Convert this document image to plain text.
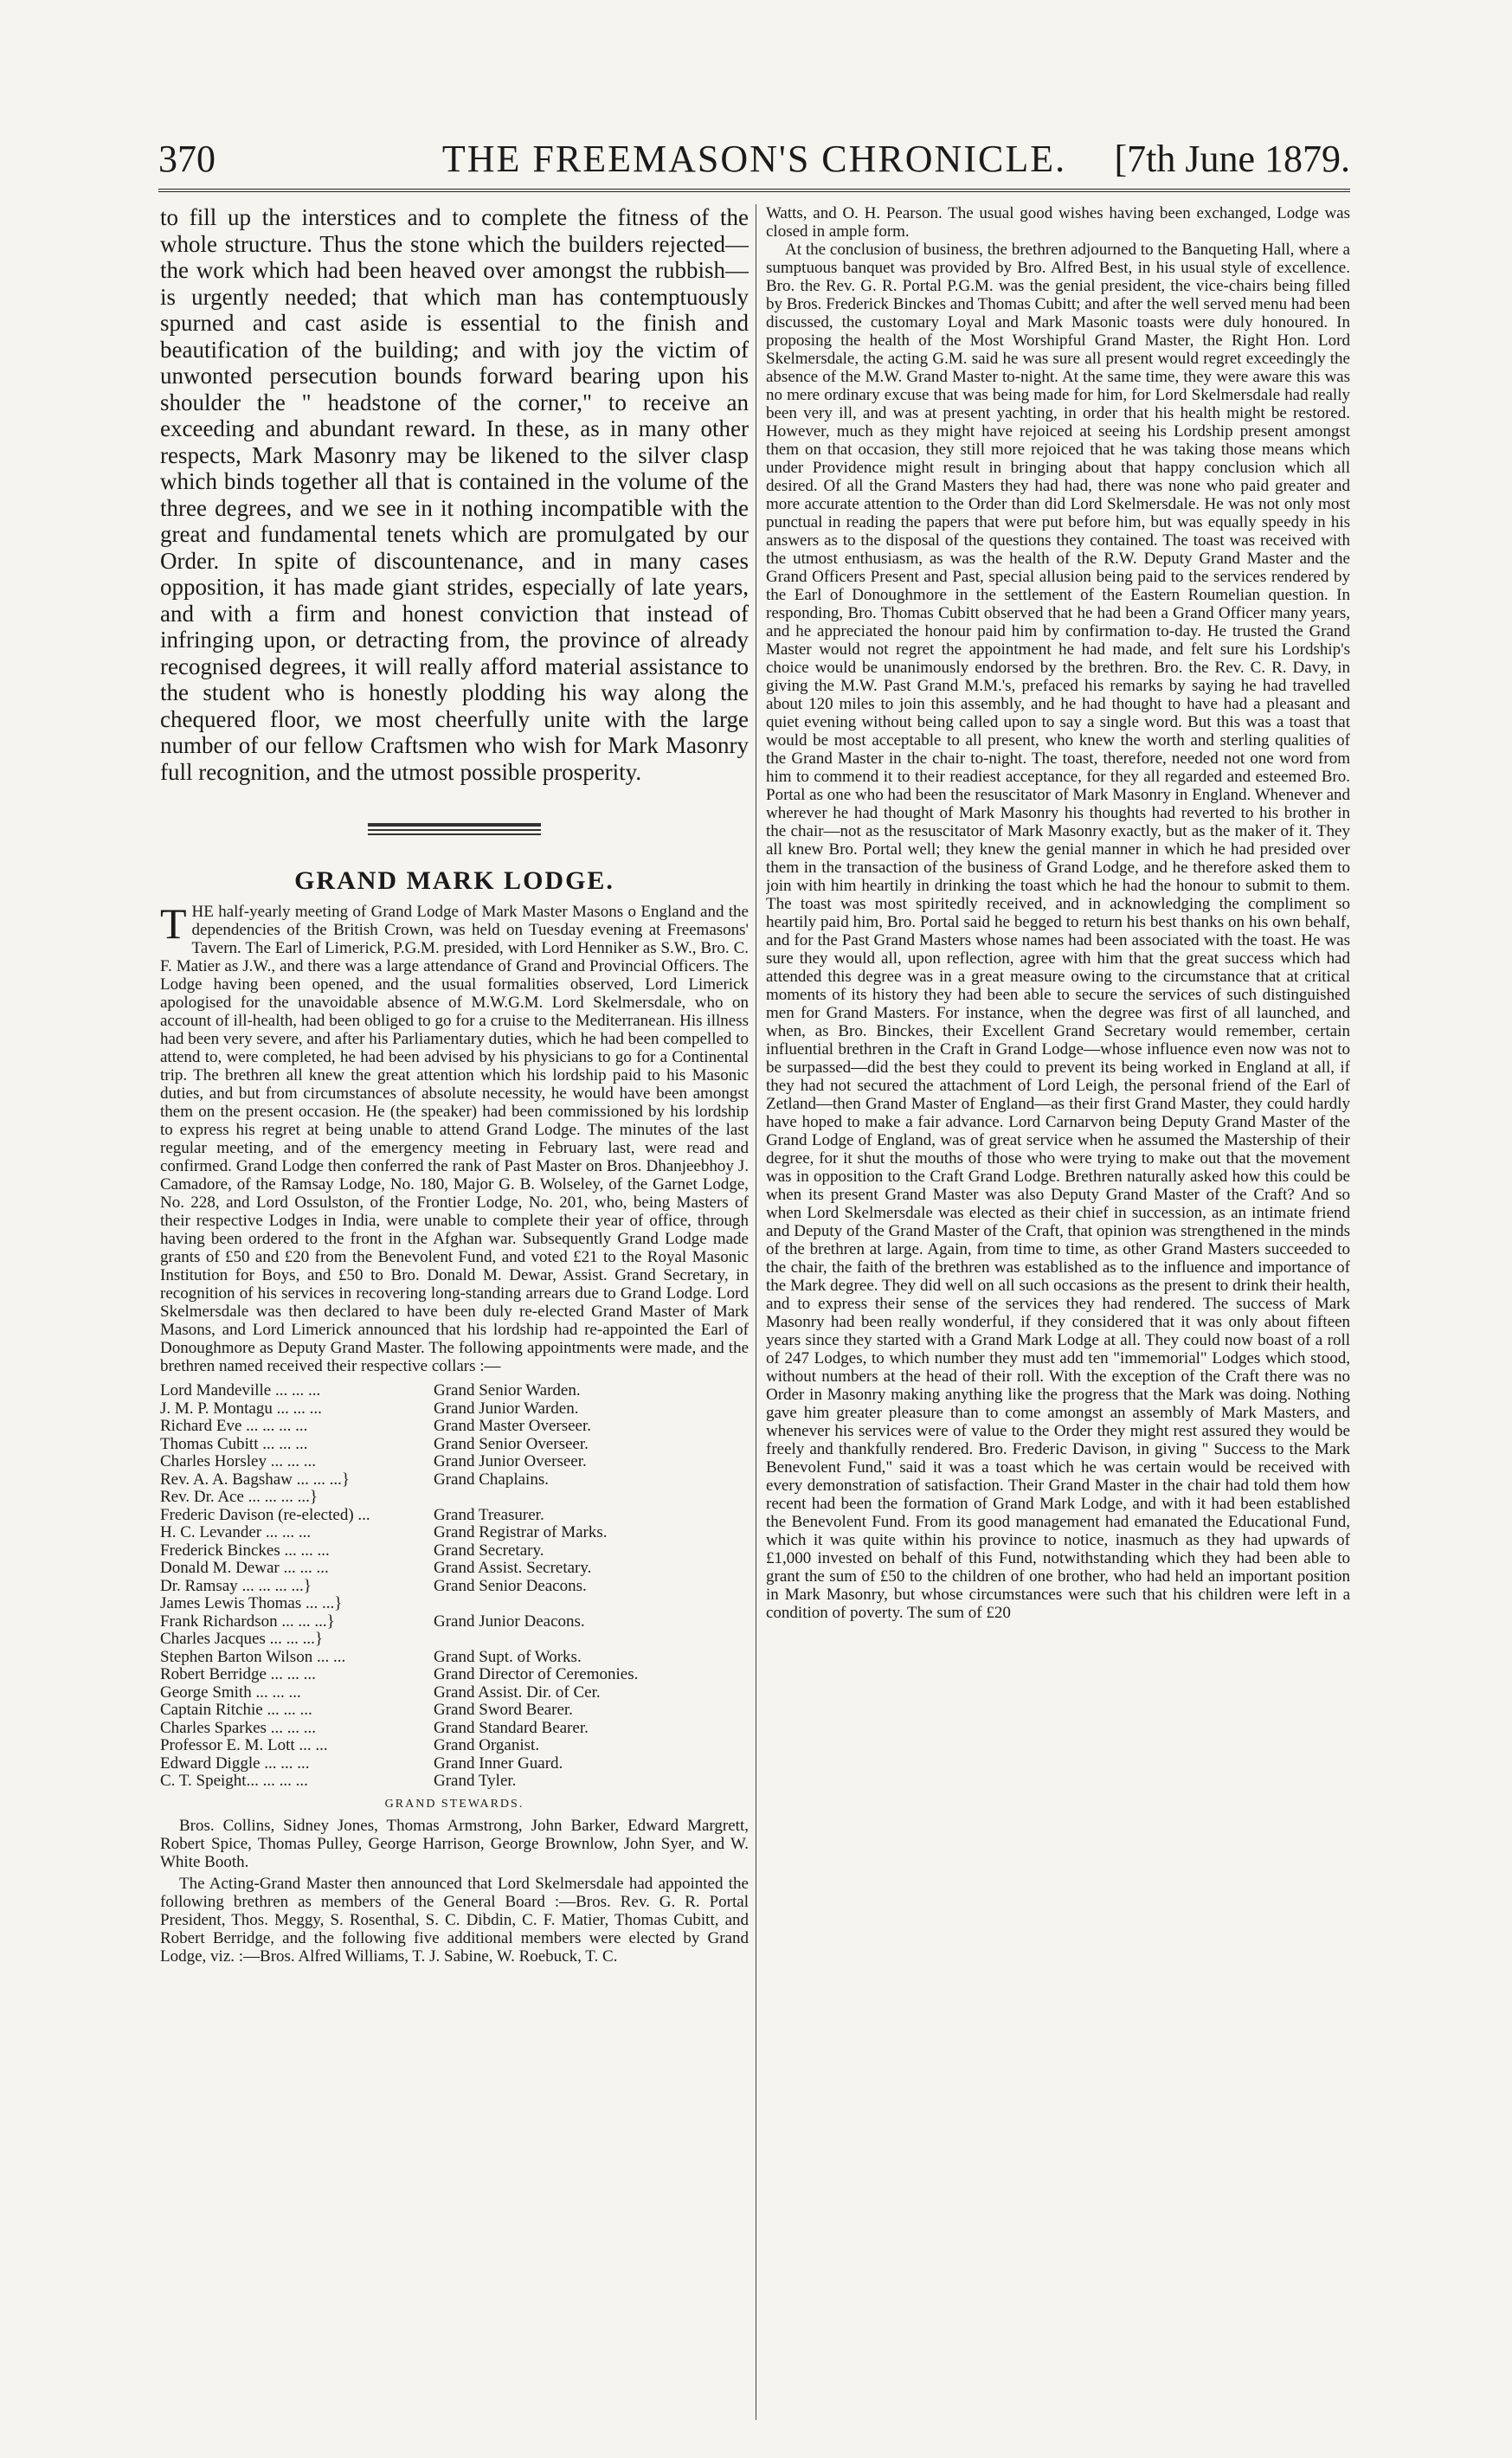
370	THE FREEMASON'S CHRONICLE.	[7th June 1879.

to fill up the interstices and to complete the fitness of the whole structure. Thus the stone which the builders rejected—the work which had been heaved over amongst the rubbish—is urgently needed; that which man has contemptuously spurned and cast aside is essential to the finish and beautification of the building; and with joy the victim of unwonted persecution bounds forward bearing upon his shoulder the " headstone of the corner," to receive an exceeding and abundant reward. In these, as in many other respects, Mark Masonry may be likened to the silver clasp which binds together all that is contained in the volume of the three degrees, and we see in it nothing incompatible with the great and fundamental tenets which are promulgated by our Order. In spite of discountenance, and in many cases opposition, it has made giant strides, especially of late years, and with a firm and honest conviction that instead of infringing upon, or detracting from, the province of already recognised degrees, it will really afford material assistance to the student who is honestly plodding his way along the chequered floor, we most cheerfully unite with the large number of our fellow Craftsmen who wish for Mark Masonry full recognition, and the utmost possible prosperity.

GRAND MARK LODGE.

THE half-yearly meeting of Grand Lodge of Mark Master Masons o England and the dependencies of the British Crown, was held on Tuesday evening at Freemasons' Tavern. The Earl of Limerick, P.G.M. presided, with Lord Henniker as S.W., Bro. C. F. Matier as J.W., and there was a large attendance of Grand and Provincial Officers. The Lodge having been opened, and the usual formalities observed, Lord Limerick apologised for the unavoidable absence of M.W.G.M. Lord Skelmersdale, who on account of ill-health, had been obliged to go for a cruise to the Mediterranean. His illness had been very severe, and after his Parliamentary duties, which he had been compelled to attend to, were completed, he had been advised by his physicians to go for a Continental trip. The brethren all knew the great attention which his lordship paid to his Masonic duties, and but from circumstances of absolute necessity, he would have been amongst them on the present occasion. He (the speaker) had been commissioned by his lordship to express his regret at being unable to attend Grand Lodge. The minutes of the last regular meeting, and of the emergency meeting in February last, were read and confirmed. Grand Lodge then conferred the rank of Past Master on Bros. Dhanjeebhoy J. Camadore, of the Ramsay Lodge, No. 180, Major G. B. Wolseley, of the Garnet Lodge, No. 228, and Lord Ossulston, of the Frontier Lodge, No. 201, who, being Masters of their respective Lodges in India, were unable to complete their year of office, through having been ordered to the front in the Afghan war. Subsequently Grand Lodge made grants of £50 and £20 from the Benevolent Fund, and voted £21 to the Royal Masonic Institution for Boys, and £50 to Bro. Donald M. Dewar, Assist. Grand Secretary, in recognition of his services in recovering long-standing arrears due to Grand Lodge. Lord Skelmersdale was then declared to have been duly re-elected Grand Master of Mark Masons, and Lord Limerick announced that his lordship had re-appointed the Earl of Donoughmore as Deputy Grand Master. The following appointments were made, and the brethren named received their respective collars :—

Lord Mandeville ... ... ...	Grand Senior Warden.
J. M. P. Montagu ... ... ...	Grand Junior Warden.
Richard Eve ... ... ... ...	Grand Master Overseer.
Thomas Cubitt ... ... ...	Grand Senior Overseer.
Charles Horsley ... ... ...	Grand Junior Overseer.
Rev. A. A. Bagshaw ... ... ...}	Grand Chaplains.
Rev. Dr. Ace ... ... ... ...}	
Frederic Davison (re-elected) ...	Grand Treasurer.
H. C. Levander ... ... ...	Grand Registrar of Marks.
Frederick Binckes ... ... ...	Grand Secretary.
Donald M. Dewar ... ... ...	Grand Assist. Secretary.
Dr. Ramsay ... ... ... ...}	Grand Senior Deacons.
James Lewis Thomas ... ...}	
Frank Richardson ... ... ...}	Grand Junior Deacons.
Charles Jacques ... ... ...}	
Stephen Barton Wilson ... ...	Grand Supt. of Works.
Robert Berridge ... ... ...	Grand Director of Ceremonies.
George Smith ... ... ...	Grand Assist. Dir. of Cer.
Captain Ritchie ... ... ...	Grand Sword Bearer.
Charles Sparkes ... ... ...	Grand Standard Bearer.
Professor E. M. Lott ... ...	Grand Organist.
Edward Diggle ... ... ...	Grand Inner Guard.
C. T. Speight... ... ... ...	Grand Tyler.
GRAND STEWARDS.

Bros. Collins, Sidney Jones, Thomas Armstrong, John Barker, Edward Margrett, Robert Spice, Thomas Pulley, George Harrison, George Brownlow, John Syer, and W. White Booth.

The Acting-Grand Master then announced that Lord Skelmersdale had appointed the following brethren as members of the General Board :—Bros. Rev. G. R. Portal President, Thos. Meggy, S. Rosenthal, S. C. Dibdin, C. F. Matier, Thomas Cubitt, and Robert Berridge, and the following five additional members were elected by Grand Lodge, viz. :—Bros. Alfred Williams, T. J. Sabine, W. Roebuck, T. C.

Watts, and O. H. Pearson. The usual good wishes having been exchanged, Lodge was closed in ample form.

At the conclusion of business, the brethren adjourned to the Banqueting Hall, where a sumptuous banquet was provided by Bro. Alfred Best, in his usual style of excellence. Bro. the Rev. G. R. Portal P.G.M. was the genial president, the vice-chairs being filled by Bros. Frederick Binckes and Thomas Cubitt; and after the well served menu had been discussed, the customary Loyal and Mark Masonic toasts were duly honoured. In proposing the health of the Most Worshipful Grand Master, the Right Hon. Lord Skelmersdale, the acting G.M. said he was sure all present would regret exceedingly the absence of the M.W. Grand Master to-night. At the same time, they were aware this was no mere ordinary excuse that was being made for him, for Lord Skelmersdale had really been very ill, and was at present yachting, in order that his health might be restored. However, much as they might have rejoiced at seeing his Lordship present amongst them on that occasion, they still more rejoiced that he was taking those means which under Providence might result in bringing about that happy conclusion which all desired. Of all the Grand Masters they had had, there was none who paid greater and more accurate attention to the Order than did Lord Skelmersdale. He was not only most punctual in reading the papers that were put before him, but was equally speedy in his answers as to the disposal of the questions they contained. The toast was received with the utmost enthusiasm, as was the health of the R.W. Deputy Grand Master and the Grand Officers Present and Past, special allusion being paid to the services rendered by the Earl of Donoughmore in the settlement of the Eastern Roumelian question. In responding, Bro. Thomas Cubitt observed that he had been a Grand Officer many years, and he appreciated the honour paid him by confirmation to-day. He trusted the Grand Master would not regret the appointment he had made, and felt sure his Lordship's choice would be unanimously endorsed by the brethren. Bro. the Rev. C. R. Davy, in giving the M.W. Past Grand M.M.'s, prefaced his remarks by saying he had travelled about 120 miles to join this assembly, and he had thought to have had a pleasant and quiet evening without being called upon to say a single word. But this was a toast that would be most acceptable to all present, who knew the worth and sterling qualities of the Grand Master in the chair to-night. The toast, therefore, needed not one word from him to commend it to their readiest acceptance, for they all regarded and esteemed Bro. Portal as one who had been the resuscitator of Mark Masonry in England. Whenever and wherever he had thought of Mark Masonry his thoughts had reverted to his brother in the chair—not as the resuscitator of Mark Masonry exactly, but as the maker of it. They all knew Bro. Portal well; they knew the genial manner in which he had presided over them in the transaction of the business of Grand Lodge, and he therefore asked them to join with him heartily in drinking the toast which he had the honour to submit to them. The toast was most spiritedly received, and in acknowledging the compliment so heartily paid him, Bro. Portal said he begged to return his best thanks on his own behalf, and for the Past Grand Masters whose names had been associated with the toast. He was sure they would all, upon reflection, agree with him that the great success which had attended this degree was in a great measure owing to the circumstance that at critical moments of its history they had been able to secure the services of such distinguished men for Grand Masters. For instance, when the degree was first of all launched, and when, as Bro. Binckes, their Excellent Grand Secretary would remember, certain influential brethren in the Craft in Grand Lodge—whose influence even now was not to be surpassed—did the best they could to prevent its being worked in England at all, if they had not secured the attachment of Lord Leigh, the personal friend of the Earl of Zetland—then Grand Master of England—as their first Grand Master, they could hardly have hoped to make a fair advance. Lord Carnarvon being Deputy Grand Master of the Grand Lodge of England, was of great service when he assumed the Mastership of their degree, for it shut the mouths of those who were trying to make out that the movement was in opposition to the Craft Grand Lodge. Brethren naturally asked how this could be when its present Grand Master was also Deputy Grand Master of the Craft? And so when Lord Skelmersdale was elected as their chief in succession, as an intimate friend and Deputy of the Grand Master of the Craft, that opinion was strengthened in the minds of the brethren at large. Again, from time to time, as other Grand Masters succeeded to the chair, the faith of the brethren was established as to the influence and importance of the Mark degree. They did well on all such occasions as the present to drink their health, and to express their sense of the services they had rendered. The success of Mark Masonry had been really wonderful, if they considered that it was only about fifteen years since they started with a Grand Mark Lodge at all. They could now boast of a roll of 247 Lodges, to which number they must add ten "immemorial" Lodges which stood, without numbers at the head of their roll. With the exception of the Craft there was no Order in Masonry making anything like the progress that the Mark was doing. Nothing gave him greater pleasure than to come amongst an assembly of Mark Masters, and whenever his services were of value to the Order they might rest assured they would be freely and thankfully rendered. Bro. Frederic Davison, in giving " Success to the Mark Benevolent Fund," said it was a toast which he was certain would be received with every demonstration of satisfaction. Their Grand Master in the chair had told them how recent had been the formation of Grand Mark Lodge, and with it had been established the Benevolent Fund. From its good management had emanated the Educational Fund, which it was quite within his province to notice, inasmuch as they had upwards of £1,000 invested on behalf of this Fund, notwithstanding which they had been able to grant the sum of £50 to the children of one brother, who had held an important position in Mark Masonry, but whose circumstances were such that his children were left in a condition of poverty. The sum of £20
